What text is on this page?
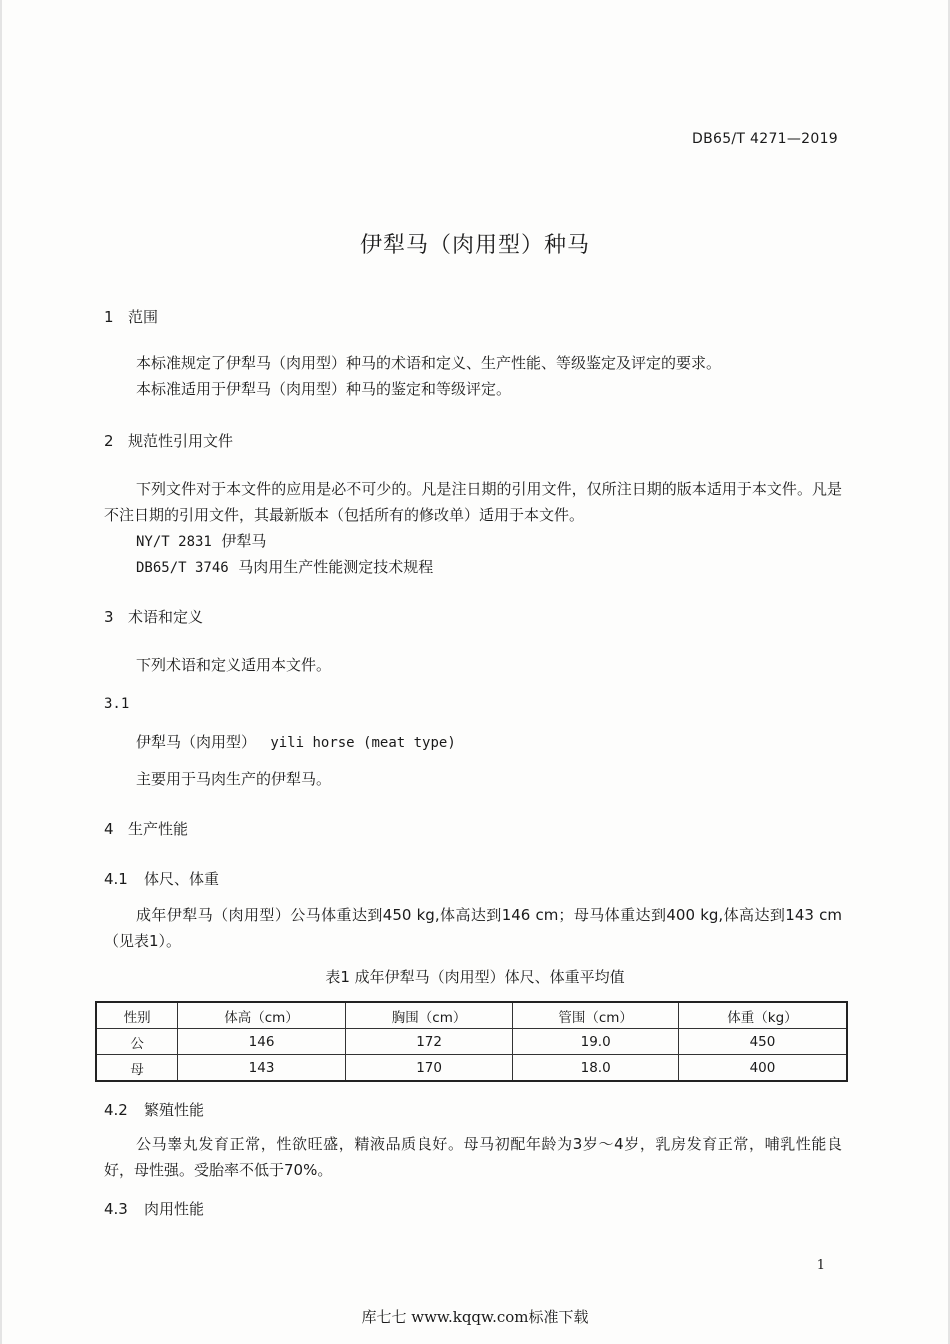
DB65/T 4271—2019
伊犁马（肉用型）种马
1 范围
本标准规定了伊犁马（肉用型）种马的术语和定义、生产性能、等级鉴定及评定的要求。
本标准适用于伊犁马（肉用型）种马的鉴定和等级评定。
2 规范性引用文件
下列文件对于本文件的应用是必不可少的。凡是注日期的引用文件，仅所注日期的版本适用于本文件。凡是不注日期的引用文件，其最新版本（包括所有的修改单）适用于本文件。
NY/T 2831 伊犁马
DB65/T 3746 马肉用生产性能测定技术规程
3 术语和定义
下列术语和定义适用本文件。
3.1
伊犁马（肉用型） yili horse (meat type)
主要用于马肉生产的伊犁马。
4 生产性能
4.1 体尺、体重
成年伊犁马（肉用型）公马体重达到450 kg,体高达到146 cm；母马体重达到400 kg,体高达到143 cm（见表1）。
表1 成年伊犁马（肉用型）体尺、体重平均值
性别	体高（cm）	胸围（cm）	管围（cm）	体重（kg）
公	146	172	19.0	450
母	143	170	18.0	400
4.2 繁殖性能
公马睾丸发育正常，性欲旺盛，精液品质良好。母马初配年龄为3岁～4岁，乳房发育正常，哺乳性能良好，母性强。受胎率不低于70%。
4.3 肉用性能
1
库七七 www.kqqw.com标准下载
